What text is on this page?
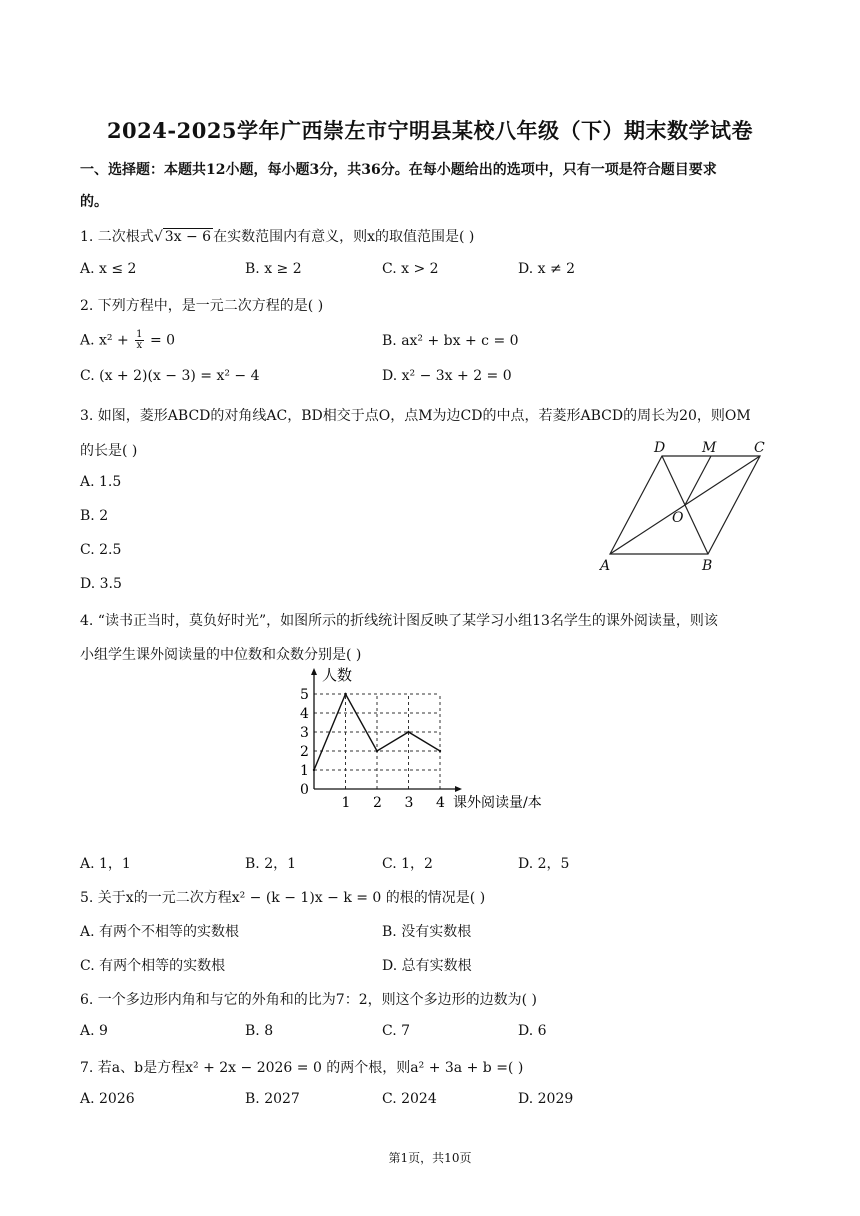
2024-2025学年广西崇左市宁明县某校八年级（下）期末数学试卷
一、选择题：本题共12小题，每小题3分，共36分。在每小题给出的选项中，只有一项是符合题目要求
的。
1. 二次根式√ 3x − 6 在实数范围内有意义，则x的取值范围是( )
A. x ≤ 2	B. x ≥ 2	C. x > 2	D. x ≠ 2
2. 下列方程中，是一元二次方程的是( )
A. $x^2 + \frac{1}{x} = 0$	B. ax² + bx + c = 0
C. (x + 2)(x − 3) = x² − 4	D. x² − 3x + 2 = 0
3. 如图，菱形ABCD的对角线AC，BD相交于点O，点M为边CD的中点，若菱形ABCD的周长为20，则OM
的长是( )
A. 1.5
B. 2
C. 2.5
D. 3.5
D	M	C
O
A	B
4. “读书正当时，莫负好时光”，如图所示的折线统计图反映了某学习小组13名学生的课外阅读量，则该
小组学生课外阅读量的中位数和众数分别是( )
0
1
2
3
4
5
1 2 3 4
人数
课外阅读量/本
A. 1，1	B. 2，1	C. 1，2	D. 2，5
5. 关于x的一元二次方程x² − (k − 1)x − k = 0 的根的情况是( )
A. 有两个不相等的实数根	B. 没有实数根
C. 有两个相等的实数根	D. 总有实数根
6. 一个多边形内角和与它的外角和的比为7：2，则这个多边形的边数为( )
A. 9	B. 8	C. 7	D. 6
7. 若a、b是方程x² + 2x − 2026 = 0 的两个根，则a² + 3a + b =( )
A. 2026	B. 2027	C. 2024	D. 2029
第1页，共10页
